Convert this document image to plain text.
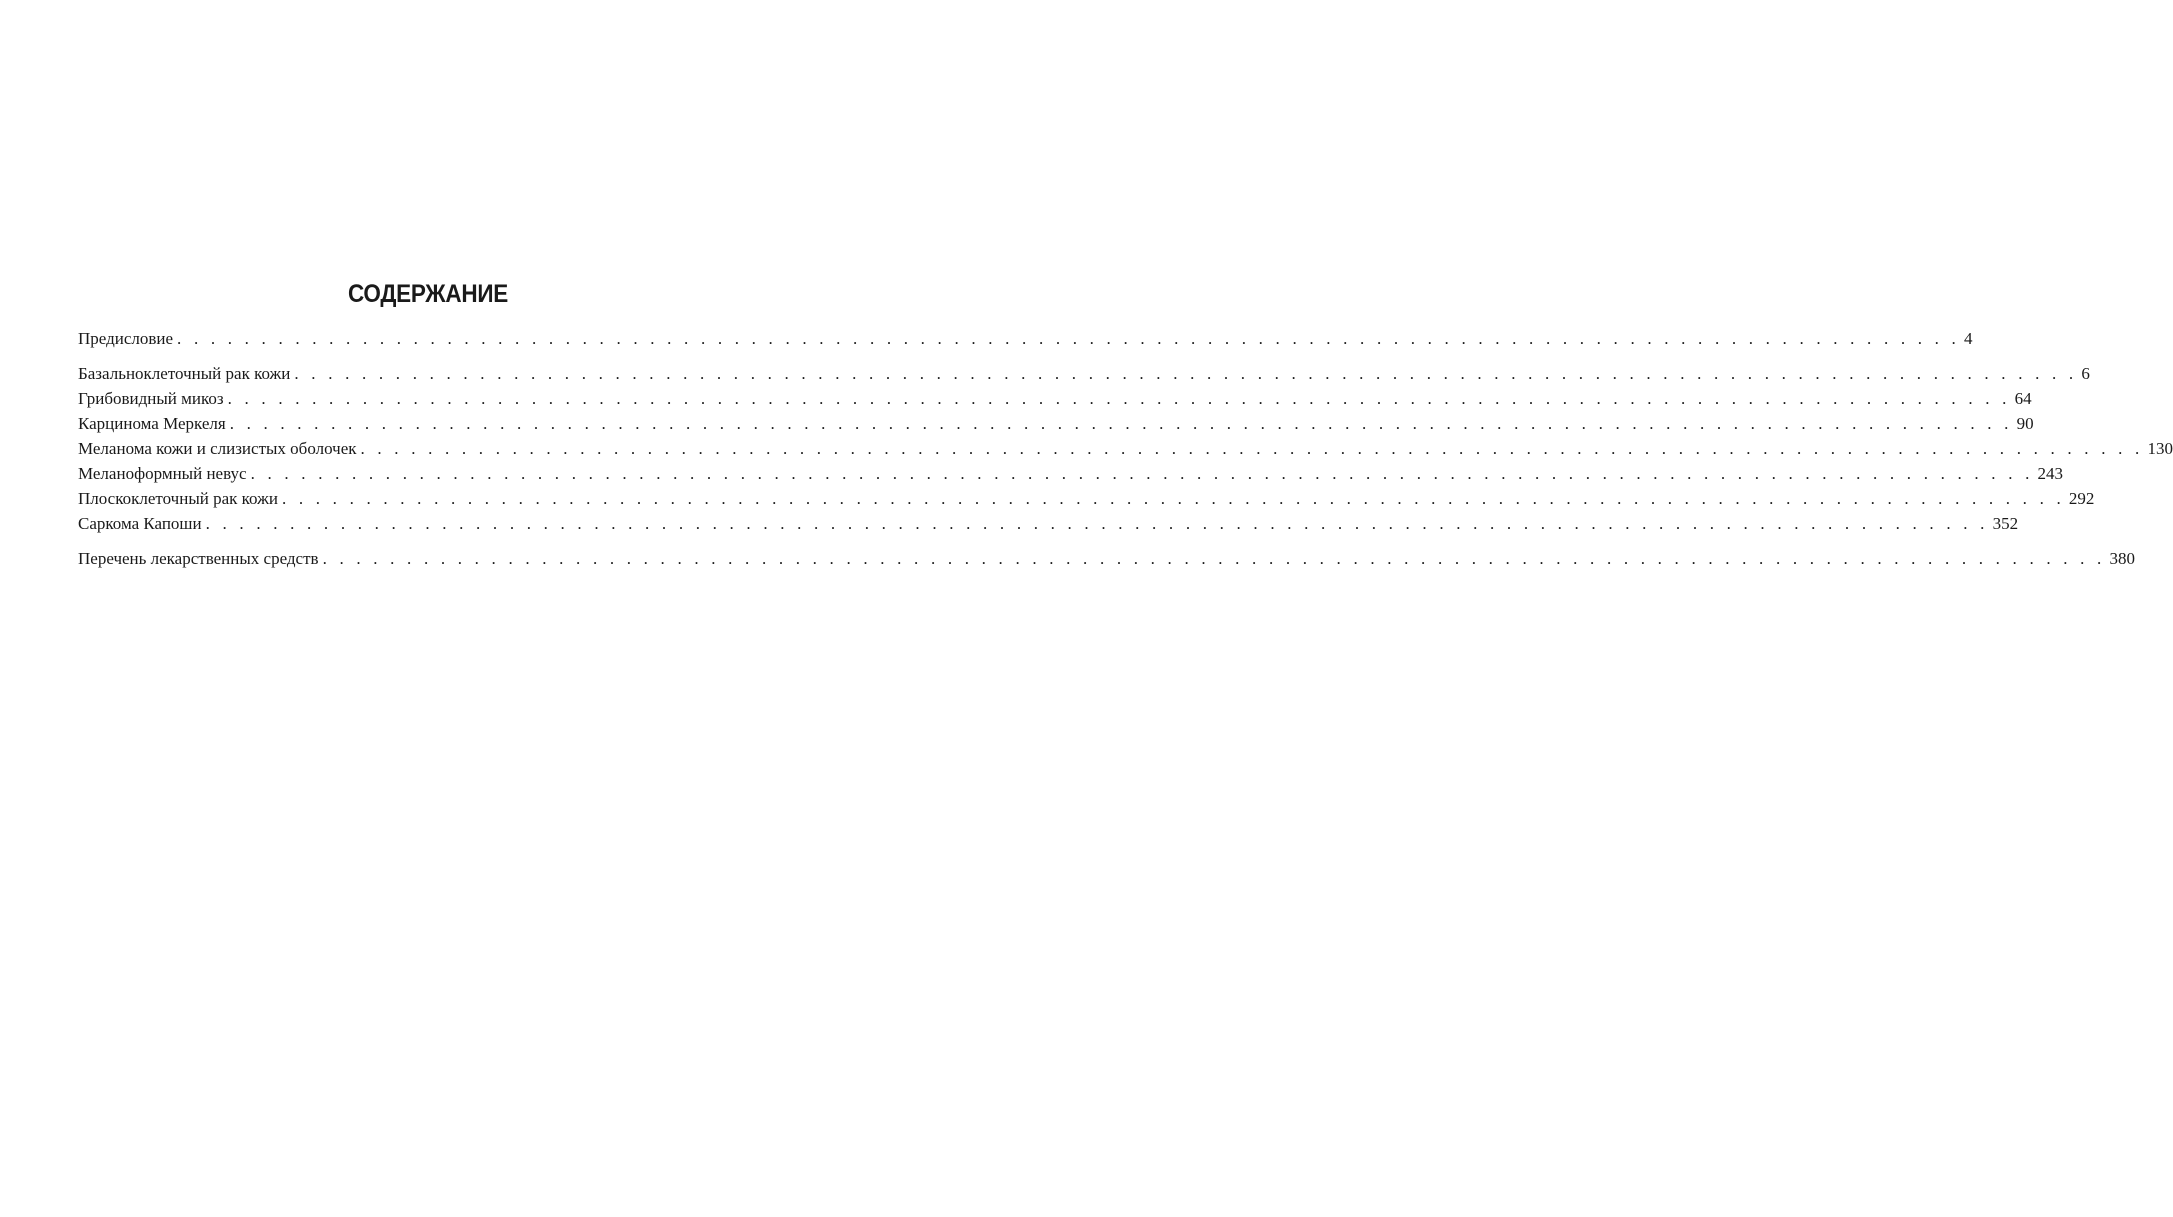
СОДЕРЖАНИЕ
Предисловие . . . . . . . . . . . . . . . . . . . . . . . . . . . . . . . . . . . . . . . . . . . . . . . . . . . . . . . . . . . . . . . . . . . . . . . . . . . . . . . . . . . . . . . . . . . . . . . . . . . . . . . . . . 4
Базальноклеточный рак кожи . . . . . . . . . . . . . . . . . . . . . . . . . . . . . . . . . . . . . . . . . . . . . . . . . . . . . . . . . . . . . . . . . . . . . . . . . . . . . . . . . . . . . . . . . . . . . . . . . . . . . . . . . . 6
Грибовидный микоз . . . . . . . . . . . . . . . . . . . . . . . . . . . . . . . . . . . . . . . . . . . . . . . . . . . . . . . . . . . . . . . . . . . . . . . . . . . . . . . . . . . . . . . . . . . . . . . . . . . . . . . . . . 64
Карцинома Меркеля . . . . . . . . . . . . . . . . . . . . . . . . . . . . . . . . . . . . . . . . . . . . . . . . . . . . . . . . . . . . . . . . . . . . . . . . . . . . . . . . . . . . . . . . . . . . . . . . . . . . . . . . . . 90
Меланома кожи и слизистых оболочек . . . . . . . . . . . . . . . . . . . . . . . . . . . . . . . . . . . . . . . . . . . . . . . . . . . . . . . . . . . . . . . . . . . . . . . . . . . . . . . . . . . . . . . . . . . . . . . . . . . . . . . . . . 130
Меланоформный невус . . . . . . . . . . . . . . . . . . . . . . . . . . . . . . . . . . . . . . . . . . . . . . . . . . . . . . . . . . . . . . . . . . . . . . . . . . . . . . . . . . . . . . . . . . . . . . . . . . . . . . . . . . 243
Плоскоклеточный рак кожи . . . . . . . . . . . . . . . . . . . . . . . . . . . . . . . . . . . . . . . . . . . . . . . . . . . . . . . . . . . . . . . . . . . . . . . . . . . . . . . . . . . . . . . . . . . . . . . . . . . . . . . . . . 292
Саркома Капоши . . . . . . . . . . . . . . . . . . . . . . . . . . . . . . . . . . . . . . . . . . . . . . . . . . . . . . . . . . . . . . . . . . . . . . . . . . . . . . . . . . . . . . . . . . . . . . . . . . . . . . . . . . 352
Перечень лекарственных средств . . . . . . . . . . . . . . . . . . . . . . . . . . . . . . . . . . . . . . . . . . . . . . . . . . . . . . . . . . . . . . . . . . . . . . . . . . . . . . . . . . . . . . . . . . . . . . . . . . . . . . . . . . 380
